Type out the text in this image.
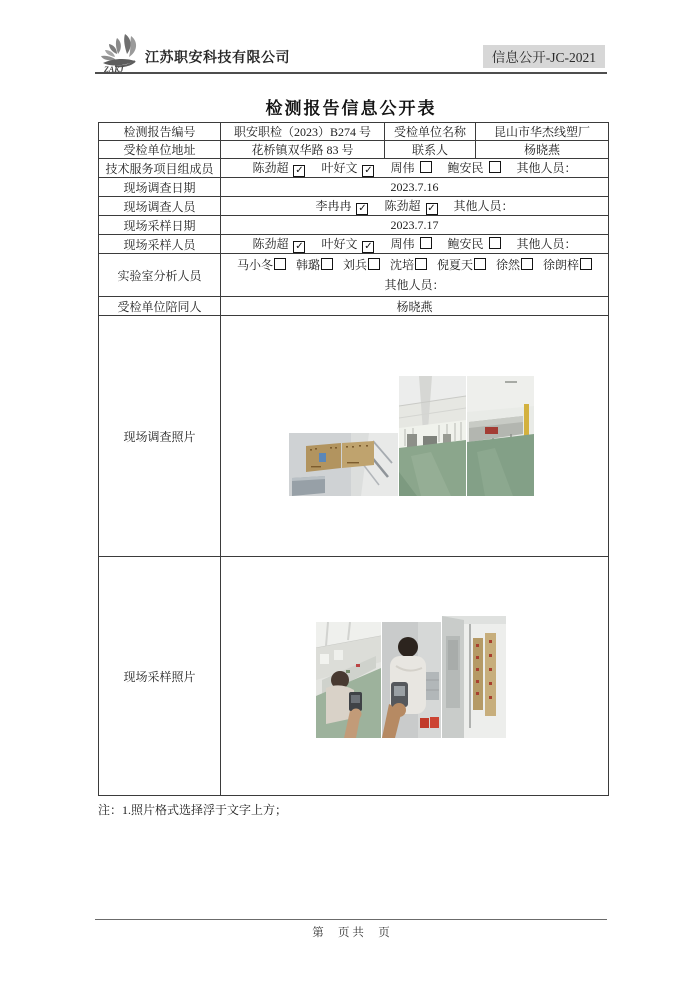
ZAKJ
江苏职安科技有限公司	信息公开-JC-2021
检测报告信息公开表
检测报告编号	职安职检（2023）B274 号	受检单位名称	昆山市华杰线塑厂
受检单位地址	花桥镇双华路 83 号	联系人	杨晓燕
技术服务项目组成员	陈劲超 ✓ 叶好文 ✓ 周伟 鲍安民 其他人员：		
现场调查日期	2023.7.16		
现场调查人员	李冉冉 ✓ 陈劲超 ✓ 其他人员：		
现场采样日期	2023.7.17		
现场采样人员	陈劲超 ✓ 叶好文 ✓ 周伟 鲍安民 其他人员：		
实验室分析人员	马小冬 韩璐 刘兵 沈培 倪夏天 徐然 徐朗梓
其他人员：		

受检单位陪同人	杨晓燕		
现场调查照片	

现场采样照片	
注：1.照片格式选择浮于文字上方；
第　 页 共　 页
